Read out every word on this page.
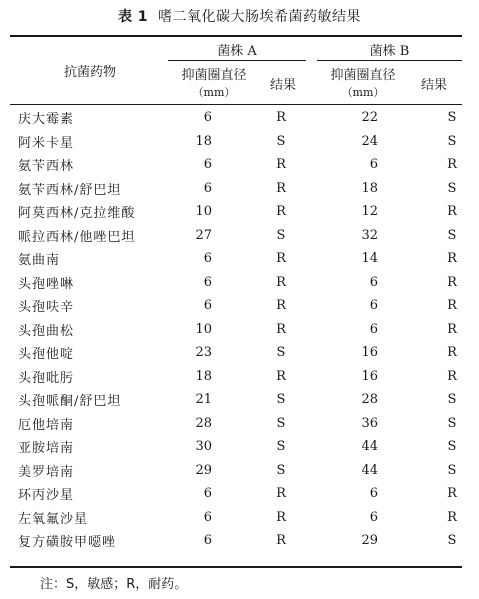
表 1 嗜二氧化碳大肠埃希菌药敏结果
抗菌药物
菌株 A	菌株 B
抑菌圈直径
（mm）	结果
抑菌圈直径
（mm）	结果
庆大霉素	6		R		22		S
阿米卡星	18		S		24		S
氨苄西林	6		R		6		R
氨苄西林/舒巴坦	6		R		18		S
阿莫西林/克拉维酸	10		R		12		R
哌拉西林/他唑巴坦	27		S		32		S
氨曲南	6		R		14		R
头孢唑啉	6		R		6		R
头孢呋辛	6		R		6		R
头孢曲松	10		R		6		R
头孢他啶	23		S		16		R
头孢吡肟	18		R		16		R
头孢哌酮/舒巴坦	21		S		28		S
厄他培南	28		S		36		S
亚胺培南	30		S		44		S
美罗培南	29		S		44		S
环丙沙星	6		R		6		R
左氧氟沙星	6		R		6		R
复方磺胺甲噁唑	6		R		29		S
注：S，敏感；R，耐药。
